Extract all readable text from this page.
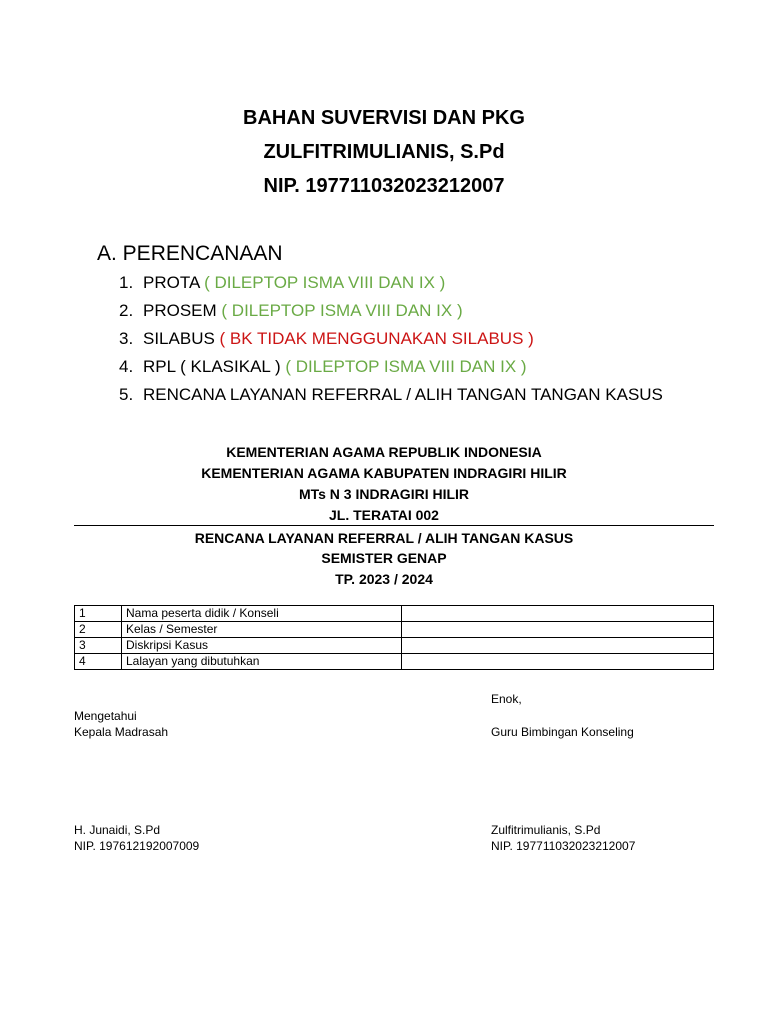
BAHAN SUVERVISI DAN PKG
ZULFITRIMULIANIS, S.Pd
NIP. 197711032023212007
A. PERENCANAAN
1. PROTA ( DILEPTOP ISMA VIII DAN IX )
2. PROSEM ( DILEPTOP ISMA VIII DAN IX )
3. SILABUS ( BK TIDAK MENGGUNAKAN SILABUS )
4. RPL ( KLASIKAL ) ( DILEPTOP ISMA VIII DAN IX )
5. RENCANA LAYANAN REFERRAL / ALIH TANGAN TANGAN KASUS
KEMENTERIAN AGAMA REPUBLIK INDONESIA
KEMENTERIAN AGAMA KABUPATEN INDRAGIRI HILIR
MTs N 3 INDRAGIRI HILIR
JL. TERATAI 002
RENCANA LAYANAN REFERRAL / ALIH TANGAN KASUS
SEMISTER GENAP
TP. 2023 / 2024
1	Nama peserta didik / Konseli	
2	Kelas / Semester	
3	Diskripsi Kasus	
4	Lalayan yang dibutuhkan	
Enok,
Mengetahui
Kepala Madrasah	Guru Bimbingan Konseling
H. Junaidi, S.Pd
NIP. 197612192007009
Zulfitrimulianis, S.Pd
NIP. 197711032023212007
